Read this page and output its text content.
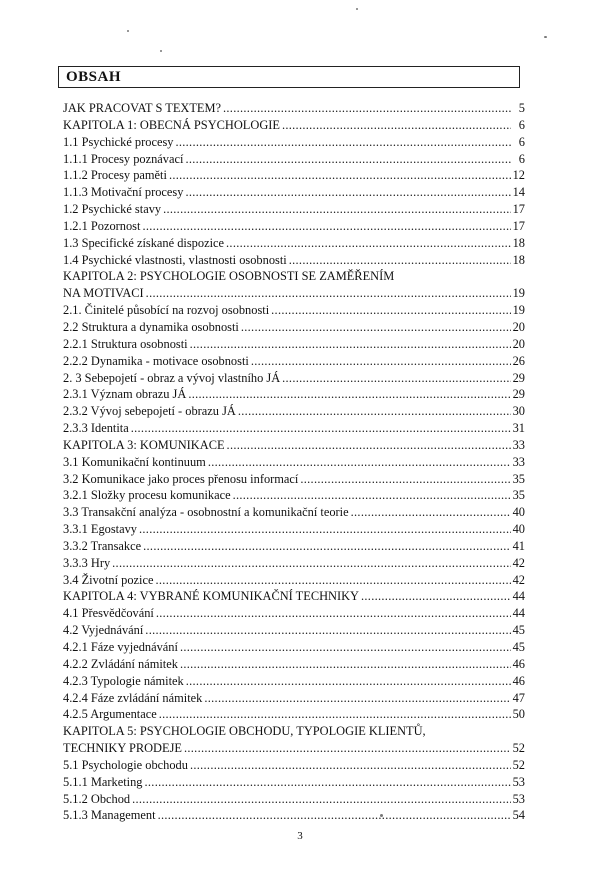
OBSAH
JAK PRACOVAT S TEXTEM? .....	5
KAPITOLA 1: OBECNÁ PSYCHOLOGIE .....	6
1.1 Psychické procesy .....	6
1.1.1 Procesy poznávací .....	6
1.1.2 Procesy paměti .....	12
1.1.3 Motivační procesy .....	14
1.2 Psychické stavy .....	17
1.2.1 Pozornost .....	17
1.3 Specifické získané dispozice .....	18
1.4 Psychické vlastnosti, vlastnosti osobnosti .....	18
KAPITOLA 2: PSYCHOLOGIE OSOBNOSTI SE ZAMĚŘENÍM
NA MOTIVACI .....	19
2.1. Činitelé působící na rozvoj osobnosti .....	19
2.2 Struktura a dynamika osobnosti .....	20
2.2.1 Struktura osobnosti .....	20
2.2.2 Dynamika - motivace osobnosti .....	26
2. 3 Sebepojetí - obraz a vývoj vlastního JÁ .....	29
2.3.1 Význam obrazu JÁ .....	29
2.3.2 Vývoj sebepojetí - obrazu JÁ .....	30
2.3.3 Identita .....	31
KAPITOLA 3: KOMUNIKACE .....	33
3.1 Komunikační kontinuum .....	33
3.2 Komunikace jako proces přenosu informací .....	35
3.2.1 Složky procesu komunikace .....	35
3.3 Transakční analýza - osobnostní a komunikační teorie .....	40
3.3.1 Egostavy .....	40
3.3.2 Transakce .....	41
3.3.3 Hry .....	42
3.4 Životní pozice .....	42
KAPITOLA 4: VYBRANÉ KOMUNIKAČNÍ TECHNIKY .....	44
4.1 Přesvědčování .....	44
4.2 Vyjednávání .....	45
4.2.1 Fáze vyjednávání .....	45
4.2.2 Zvládání námitek .....	46
4.2.3 Typologie námitek .....	46
4.2.4 Fáze zvládání námitek .....	47
4.2.5 Argumentace .....	50
KAPITOLA 5: PSYCHOLOGIE OBCHODU, TYPOLOGIE KLIENTŮ,
TECHNIKY PRODEJE .....	52
5.1 Psychologie obchodu .....	52
5.1.1 Marketing .....	53
5.1.2 Obchod .....	53
5.1.3 Management .....	54
3
